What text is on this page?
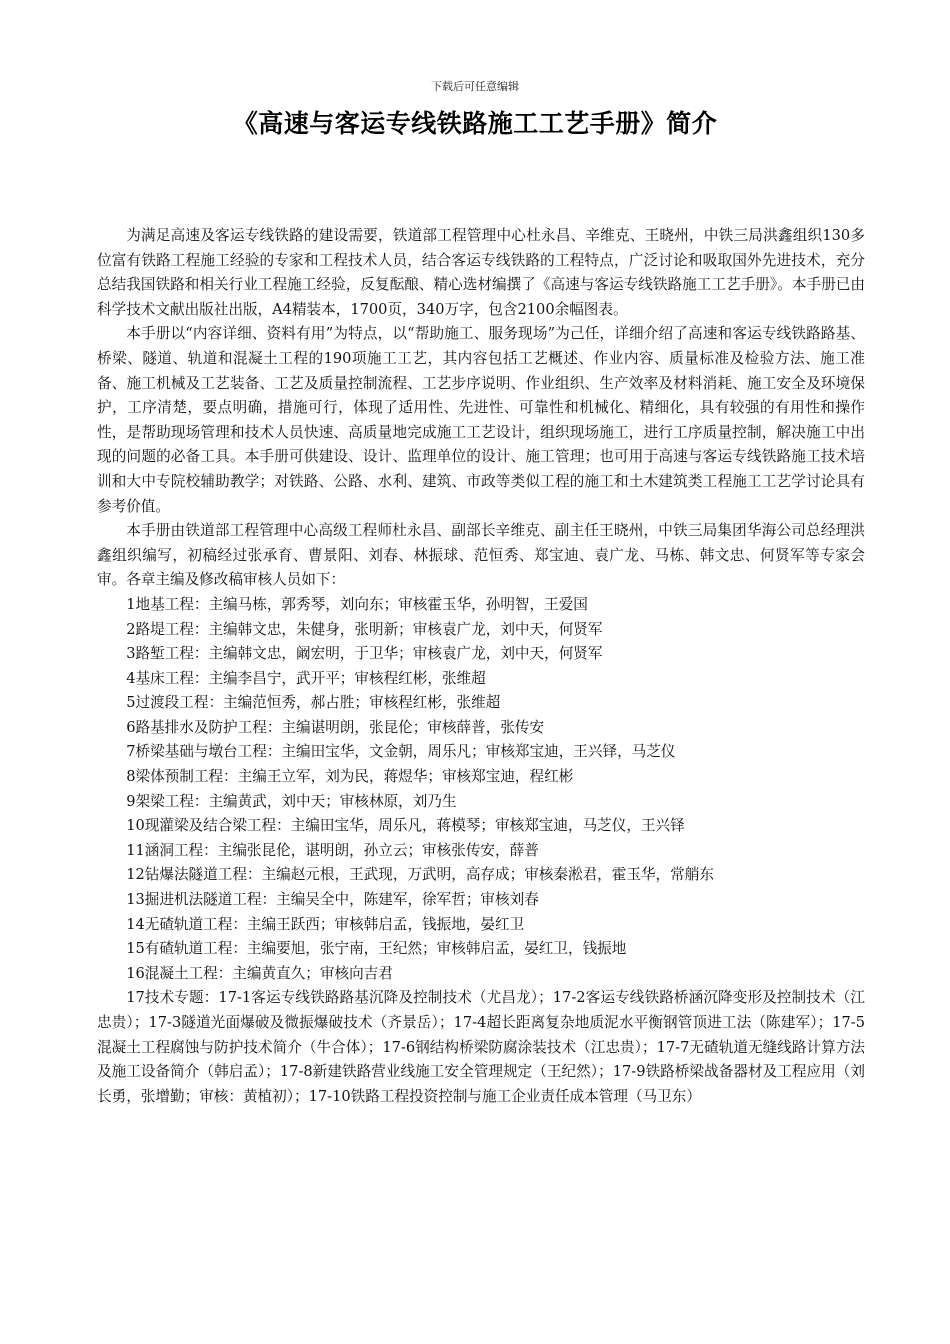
下载后可任意编辑
《高速与客运专线铁路施工工艺手册》简介

为满足高速及客运专线铁路的建设需要，铁道部工程管理中心杜永昌、辛维克、王晓州，中铁三局洪鑫组织130多位富有铁路工程施工经验的专家和工程技术人员，结合客运专线铁路的工程特点，广泛讨论和吸取国外先进技术，充分总结我国铁路和相关行业工程施工经验，反复酝酿、精心选材编撰了《高速与客运专线铁路施工工艺手册》。本手册已由科学技术文献出版社出版，A4精装本，1700页，340万字，包含2100余幅图表。

本手册以“内容详细、资料有用”为特点，以“帮助施工、服务现场”为己任，详细介绍了高速和客运专线铁路路基、桥梁、隧道、轨道和混凝土工程的190项施工工艺，其内容包括工艺概述、作业内容、质量标准及检验方法、施工准备、施工机械及工艺装备、工艺及质量控制流程、工艺步序说明、作业组织、生产效率及材料消耗、施工安全及环境保护，工序清楚，要点明确，措施可行，体现了适用性、先进性、可靠性和机械化、精细化，具有较强的有用性和操作性，是帮助现场管理和技术人员快速、高质量地完成施工工艺设计，组织现场施工，进行工序质量控制，解决施工中出现的问题的必备工具。本手册可供建设、设计、监理单位的设计、施工管理；也可用于高速与客运专线铁路施工技术培训和大中专院校辅助教学；对铁路、公路、水利、建筑、市政等类似工程的施工和土木建筑类工程施工工艺学讨论具有参考价值。

本手册由铁道部工程管理中心高级工程师杜永昌、副部长辛维克、副主任王晓州，中铁三局集团华海公司总经理洪鑫组织编写，初稿经过张承育、曹景阳、刘春、林振球、范恒秀、郑宝迪、袁广龙、马栋、韩文忠、何贤军等专家会审。各章主编及修改稿审核人员如下：

1地基工程：主编马栋，郭秀琴，刘向东；审核霍玉华，孙明智，王爱国

2路堤工程：主编韩文忠，朱健身，张明新；审核袁广龙，刘中天，何贤军

3路堑工程：主编韩文忠，阚宏明，于卫华；审核袁广龙，刘中天，何贤军

4基床工程：主编李昌宁，武开平；审核程红彬，张维超

5过渡段工程：主编范恒秀，郝占胜；审核程红彬，张维超

6路基排水及防护工程：主编谌明朗，张昆伦；审核薛普，张传安

7桥梁基础与墩台工程：主编田宝华，文金朝，周乐凡；审核郑宝迪，王兴铎，马芝仪

8梁体预制工程：主编王立军，刘为民，蒋煜华；审核郑宝迪，程红彬

9架梁工程：主编黄武，刘中天；审核林原，刘乃生

10现灌梁及结合梁工程：主编田宝华，周乐凡，蒋模琴；审核郑宝迪，马芝仪，王兴铎

11涵洞工程：主编张昆伦，谌明朗，孙立云；审核张传安，薛普

12钻爆法隧道工程：主编赵元根，王武现，万武明，高存成；审核秦淞君，霍玉华，常艄东

13掘进机法隧道工程：主编吴全中，陈建军，徐军哲；审核刘春

14无碴轨道工程：主编王跃西；审核韩启孟，钱振地，晏红卫

15有碴轨道工程：主编要旭，张宁南，王纪然；审核韩启孟，晏红卫，钱振地

16混凝土工程：主编黄直久；审核向吉君

17技术专题：17-1客运专线铁路路基沉降及控制技术（尤昌龙）；17-2客运专线铁路桥涵沉降变形及控制技术（江忠贵）；17-3隧道光面爆破及微振爆破技术（齐景岳）；17-4超长距离复杂地质泥水平衡钢管顶进工法（陈建军）；17-5混凝土工程腐蚀与防护技术简介（牛合体）；17-6钢结构桥梁防腐涂装技术（江忠贵）；17-7无碴轨道无缝线路计算方法及施工设备简介（韩启孟）；17-8新建铁路营业线施工安全管理规定（王纪然）；17-9铁路桥梁战备器材及工程应用（刘长勇，张增勤；审核：黄植初）；17-10铁路工程投资控制与施工企业责任成本管理（马卫东）
